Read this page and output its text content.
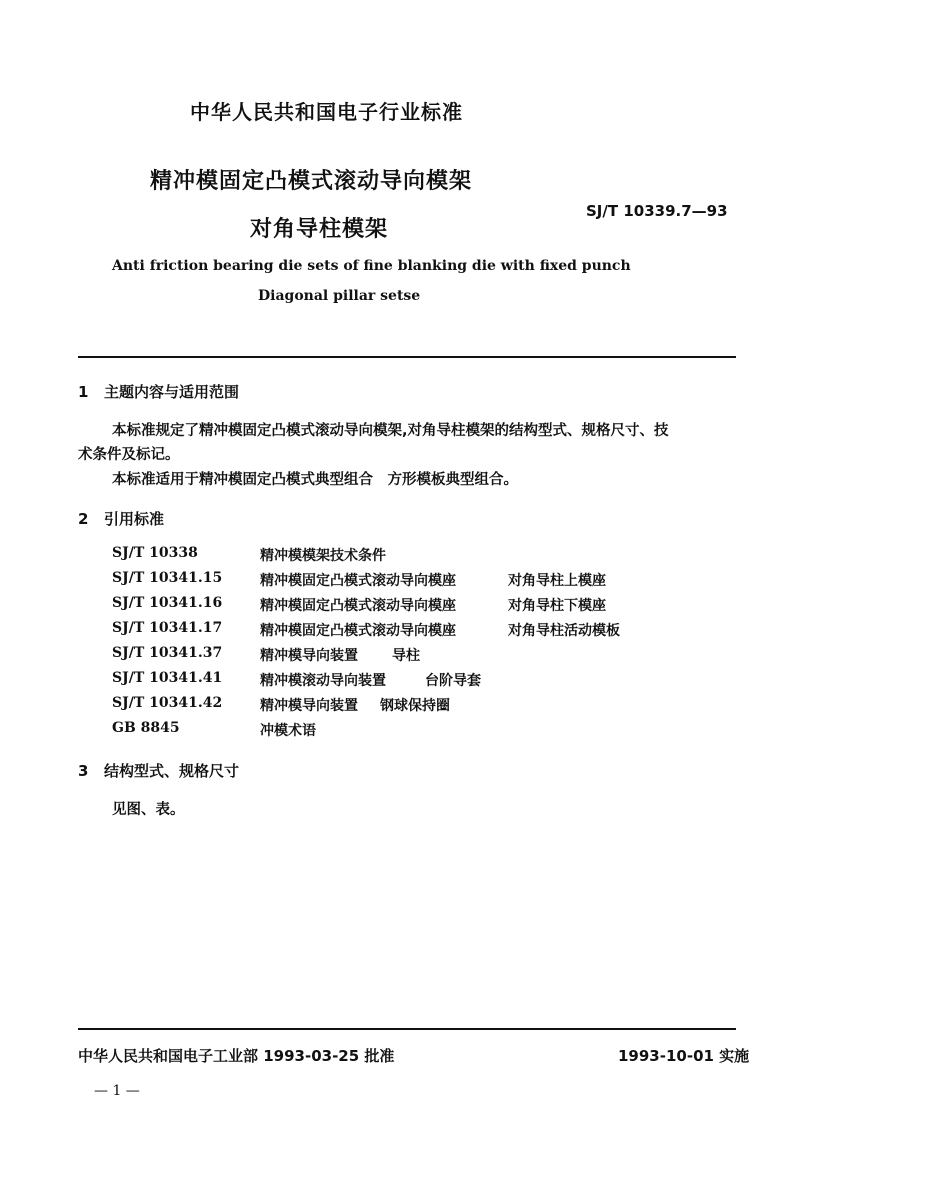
中华人民共和国电子行业标准
精冲模固定凸模式滚动导向模架
对角导柱模架
SJ/T 10339.7—93
Anti friction bearing die sets of fine blanking die with fixed punch
Diagonal pillar setse
1 主题内容与适用范围
本标准规定了精冲模固定凸模式滚动导向模架,对角导柱模架的结构型式、规格尺寸、技
术条件及标记。
本标准适用于精冲模固定凸模式典型组合　方形模板典型组合。
2 引用标准
SJ/T 10338	精冲模模架技术条件
SJ/T 10341.15	精冲模固定凸模式滚动导向模座	对角导柱上模座
SJ/T 10341.16	精冲模固定凸模式滚动导向模座	对角导柱下模座
SJ/T 10341.17	精冲模固定凸模式滚动导向模座	对角导柱活动模板
SJ/T 10341.37	精冲模导向装置 导柱
SJ/T 10341.41	精冲模滚动导向装置	台阶导套
SJ/T 10341.42	精冲模导向装置 钢球保持圈
GB 8845	冲模术语
3 结构型式、规格尺寸
见图、表。
中华人民共和国电子工业部 1993-03-25 批准	1993-10-01 实施
— 1 —
